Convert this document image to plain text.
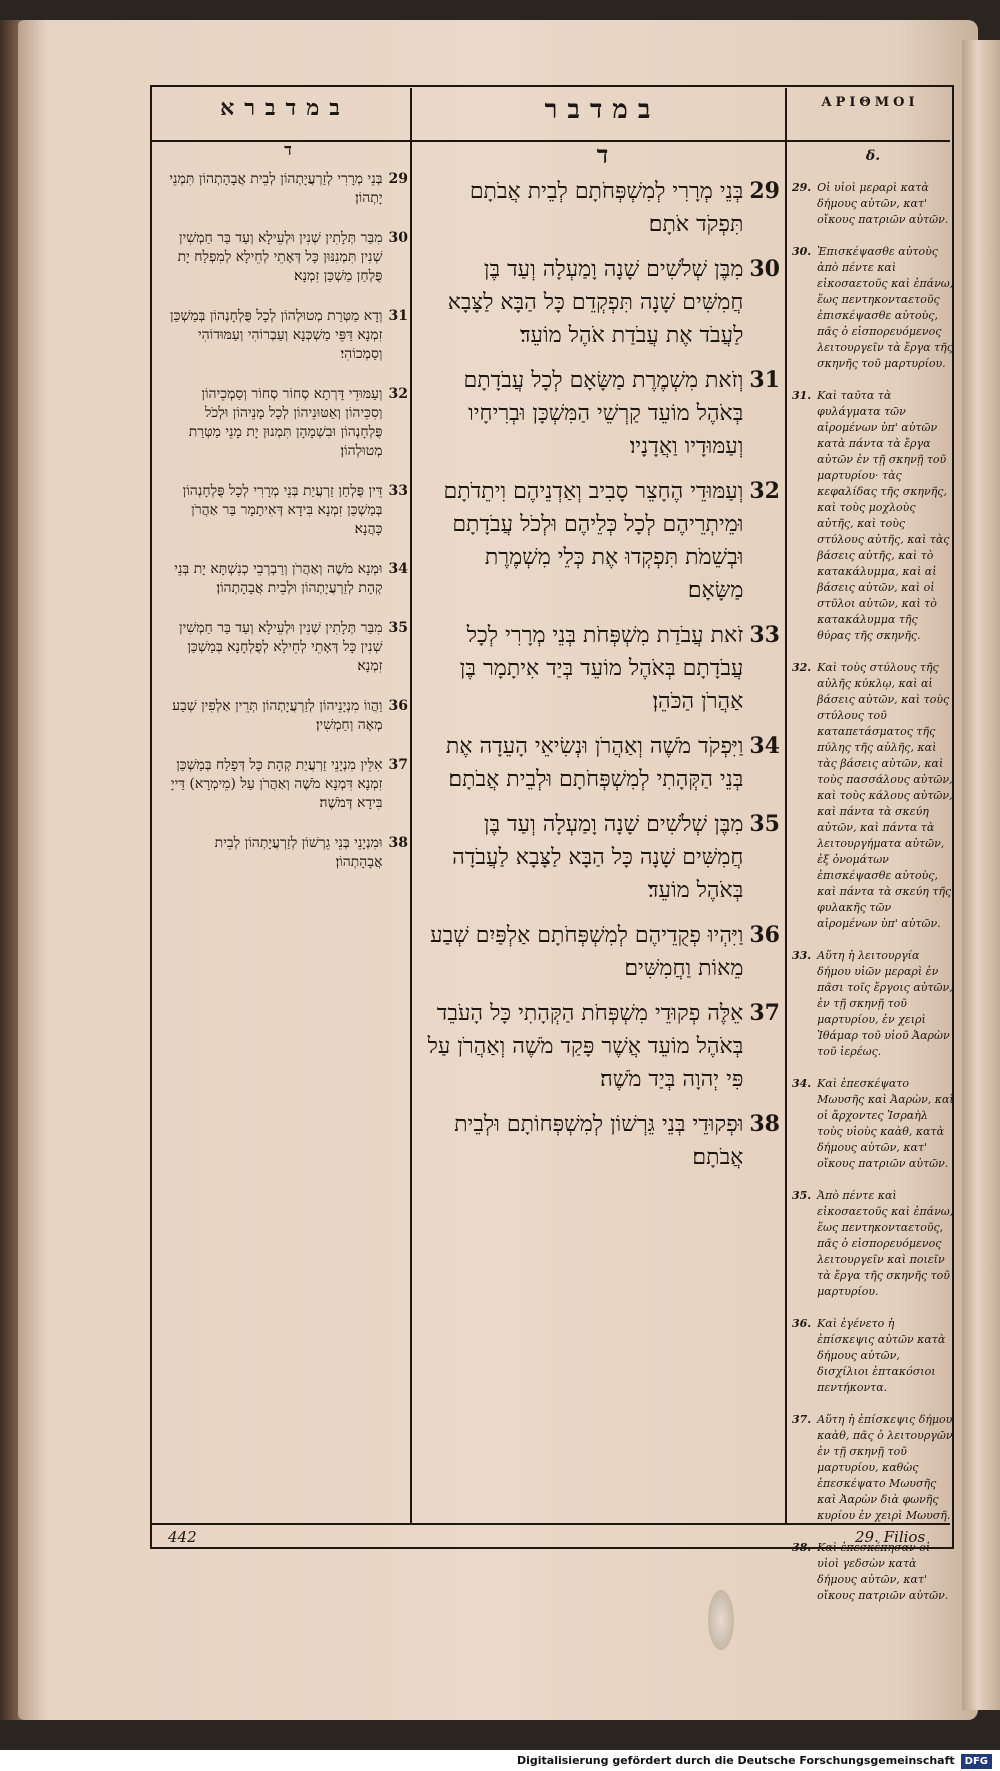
במדברא	במדבר	ΑΡΙΘΜΟΙ
ד	ד	δ.
29
בְּנֵי מְרָרִי לְזַרְעֲיָתְהוֹן לְבֵית אֲבָהָתְהוֹן תִּמְנֵי יָתְהוֹן׃
30
מִבַּר תְּלָתִין שְׁנִין וּלְעֵילָא וְעַד בַּר חַמְשִׁין שְׁנִין תִּמְנִנּוּן כָּל דְּאָתֵי לְחֵילָא לְמִפְלַח יָת פֻּלְחַן מַשְׁכַּן זִמְנָא׃
31
וְדָא מַטְּרַת מְטוּלְהוֹן לְכָל פֻּלְחָנְהוֹן בְּמַשְׁכַּן זִמְנָא דַּפֵּי מַשְׁכְּנָא וְעַבְרוֹהִי וְעַמּוּדוֹהִי וְסַמְכוֹהִי׃
32
וְעַמּוּדֵי דָּרְתָא סְחוֹר סְחוֹר וְסַמְכֵיהוֹן וְסִכֵּיהוֹן וְאַטּוּנֵיהוֹן לְכָל מָנֵיהוֹן וּלְכֹל פֻּלְחָנְהוֹן וּבִשְׁמָהָן תִּמְנוּן יָת מָנֵי מַטְּרַת מְטוּלְהוֹן׃
33
דֵּין פֻּלְחַן זַרְעֲיַת בְּנֵי מְרָרִי לְכָל פֻּלְחָנְהוֹן בְּמַשְׁכַּן זִמְנָא בִּידָא דְּאִיתָמָר בַּר אַהֲרֹן כָּהֲנָא׃
34
וּמְנָא מֹשֶׁה וְאַהֲרֹן וְרַבְרְבֵי כְנִשְׁתָּא יָת בְּנֵי קְהָת לְזַרְעֲיָתְהוֹן וּלְבֵית אֲבָהָתְהוֹן׃
35
מִבַּר תְּלָתִין שְׁנִין וּלְעֵילָא וְעַד בַּר חַמְשִׁין שְׁנִין כָּל דְּאָתֵי לְחֵילָא לְפֻלְחָנָא בְּמַשְׁכַּן זִמְנָא׃
36
וַהֲווֹ מִנְיָנֵיהוֹן לְזַרְעֲיָתְהוֹן תְּרֵין אַלְפִין שְׁבַע מְאָה וְחַמְשִׁין׃
37
אִלֵּין מִנְיָנֵי זַרְעֲיַת קְהָת כָּל דְּפָלַח בְּמַשְׁכַּן זִמְנָא דִּמְנָא מֹשֶׁה וְאַהֲרֹן עַל (מֵימְרָא) דַּייָ בִּידָא דְּמֹשֶׁה׃
38
וּמִנְיָנֵי בְּנֵי גֵרְשׁוֹן לְזַרְעֲיָתְהוֹן לְבֵית אֲבָהָתְהוֹן׃
29
בְּנֵי מְרָרִי לְמִשְׁפְּחֹתָם לְבֵית אֲבֹתָם תִּפְקֹד אֹתָם׃
30
מִבֶּן שְׁלֹשִׁים שָׁנָה וָמַעְלָה וְעַד בֶּן חֲמִשִּׁים שָׁנָה תִּפְקְדֵם כָּל הַבָּא לַצָּבָא לַעֲבֹד אֶת עֲבֹדַת אֹהֶל מוֹעֵד׃
31
וְזֹאת מִשְׁמֶרֶת מַשָּׂאָם לְכָל עֲבֹדָתָם בְּאֹהֶל מוֹעֵד קַרְשֵׁי הַמִּשְׁכָּן וּבְרִיחָיו וְעַמּוּדָיו וַאֲדָנָיו׃
32
וְעַמּוּדֵי הֶחָצֵר סָבִיב וְאַדְנֵיהֶם וִיתֵדֹתָם וּמֵיתְרֵיהֶם לְכָל כְּלֵיהֶם וּלְכֹל עֲבֹדָתָם וּבְשֵׁמֹת תִּפְקְדוּ אֶת כְּלֵי מִשְׁמֶרֶת מַשָּׂאָם׃
33
זֹאת עֲבֹדַת מִשְׁפְּחֹת בְּנֵי מְרָרִי לְכָל עֲבֹדָתָם בְּאֹהֶל מוֹעֵד בְּיַד אִיתָמָר בֶּן אַהֲרֹן הַכֹּהֵן׃
34
וַיִּפְקֹד מֹשֶׁה וְאַהֲרֹן וּנְשִׂיאֵי הָעֵדָה אֶת בְּנֵי הַקְּהָתִי לְמִשְׁפְּחֹתָם וּלְבֵית אֲבֹתָם׃
35
מִבֶּן שְׁלֹשִׁים שָׁנָה וָמַעְלָה וְעַד בֶּן חֲמִשִּׁים שָׁנָה כָּל הַבָּא לַצָּבָא לַעֲבֹדָה בְּאֹהֶל מוֹעֵד׃
36
וַיִּהְיוּ פְקֻדֵיהֶם לְמִשְׁפְּחֹתָם אַלְפַּיִם שְׁבַע מֵאוֹת וַחֲמִשִּׁים׃
37
אֵלֶּה פְקוּדֵי מִשְׁפְּחֹת הַקְּהָתִי כָּל הָעֹבֵד בְּאֹהֶל מוֹעֵד אֲשֶׁר פָּקַד מֹשֶׁה וְאַהֲרֹן עַל פִּי יְהוָה בְּיַד מֹשֶׁה׃
38
וּפְקוּדֵי בְּנֵי גֵּרְשׁוֹן לְמִשְׁפְּחוֹתָם וּלְבֵית אֲבֹתָם׃
29. Οἱ υἱοὶ μεραρὶ κατὰ δήμους αὐτῶν, κατ' οἴκους πατριῶν αὐτῶν.
30. Ἐπισκέψασθε αὐτοὺς ἀπὸ πέντε καὶ εἰκοσαετοῦς καὶ ἐπάνω, ἕως πεντηκονταετοῦς ἐπισκέψασθε αὐτοὺς, πᾶς ὁ εἰσπορευόμενος λειτουργεῖν τὰ ἔργα τῆς σκηνῆς τοῦ μαρτυρίου.
31. Καὶ ταῦτα τὰ φυλάγματα τῶν αἰρομένων ὑπ' αὐτῶν κατὰ πάντα τὰ ἔργα αὐτῶν ἐν τῇ σκηνῇ τοῦ μαρτυρίου· τὰς κεφαλίδας τῆς σκηνῆς, καὶ τοὺς μοχλοὺς αὐτῆς, καὶ τοὺς στύλους αὐτῆς, καὶ τὰς βάσεις αὐτῆς, καὶ τὸ κατακάλυμμα, καὶ αἱ βάσεις αὐτῶν, καὶ οἱ στῦλοι αὐτῶν, καὶ τὸ κατακάλυμμα τῆς θύρας τῆς σκηνῆς.
32. Καὶ τοὺς στύλους τῆς αὐλῆς κύκλῳ, καὶ αἱ βάσεις αὐτῶν, καὶ τοὺς στύλους τοῦ καταπετάσματος τῆς πύλης τῆς αὐλῆς, καὶ τὰς βάσεις αὐτῶν, καὶ τοὺς πασσάλους αὐτῶν, καὶ τοὺς κάλους αὐτῶν, καὶ πάντα τὰ σκεύη αὐτῶν, καὶ πάντα τὰ λειτουργήματα αὐτῶν, ἐξ ὀνομάτων ἐπισκέψασθε αὐτοὺς, καὶ πάντα τὰ σκεύη τῆς φυλακῆς τῶν αἰρομένων ὑπ' αὐτῶν.
33. Αὕτη ἡ λειτουργία δήμου υἱῶν μεραρὶ ἐν πᾶσι τοῖς ἔργοις αὐτῶν, ἐν τῇ σκηνῇ τοῦ μαρτυρίου, ἐν χειρὶ Ἰθάμαρ τοῦ υἱοῦ Ἀαρὼν τοῦ ἱερέως.
34. Καὶ ἐπεσκέψατο Μωυσῆς καὶ Ἀαρὼν, καὶ οἱ ἄρχοντες Ἰσραὴλ τοὺς υἱοὺς καὰθ, κατὰ δήμους αὐτῶν, κατ' οἴκους πατριῶν αὐτῶν.
35. Ἀπὸ πέντε καὶ εἰκοσαετοῦς καὶ ἐπάνω, ἕως πεντηκονταετοῦς, πᾶς ὁ εἰσπορευόμενος λειτουργεῖν καὶ ποιεῖν τὰ ἔργα τῆς σκηνῆς τοῦ μαρτυρίου.
36. Καὶ ἐγένετο ἡ ἐπίσκεψις αὐτῶν κατὰ δήμους αὐτῶν, δισχίλιοι ἑπτακόσιοι πεντήκοντα.
37. Αὕτη ἡ ἐπίσκεψις δήμου καὰθ, πᾶς ὁ λειτουργῶν ἐν τῇ σκηνῇ τοῦ μαρτυρίου, καθὼς ἐπεσκέψατο Μωυσῆς καὶ Ἀαρὼν διὰ φωνῆς κυρίου ἐν χειρὶ Μωυσῆ.
38. Καὶ ἐπεσκέπησαν οἱ υἱοὶ γεδσὼν κατὰ δήμους αὐτῶν, κατ' οἴκους πατριῶν αὐτῶν.
442	29. Filios
Digitalisierung gefördert durch die Deutsche Forschungsgemeinschaft DFG
